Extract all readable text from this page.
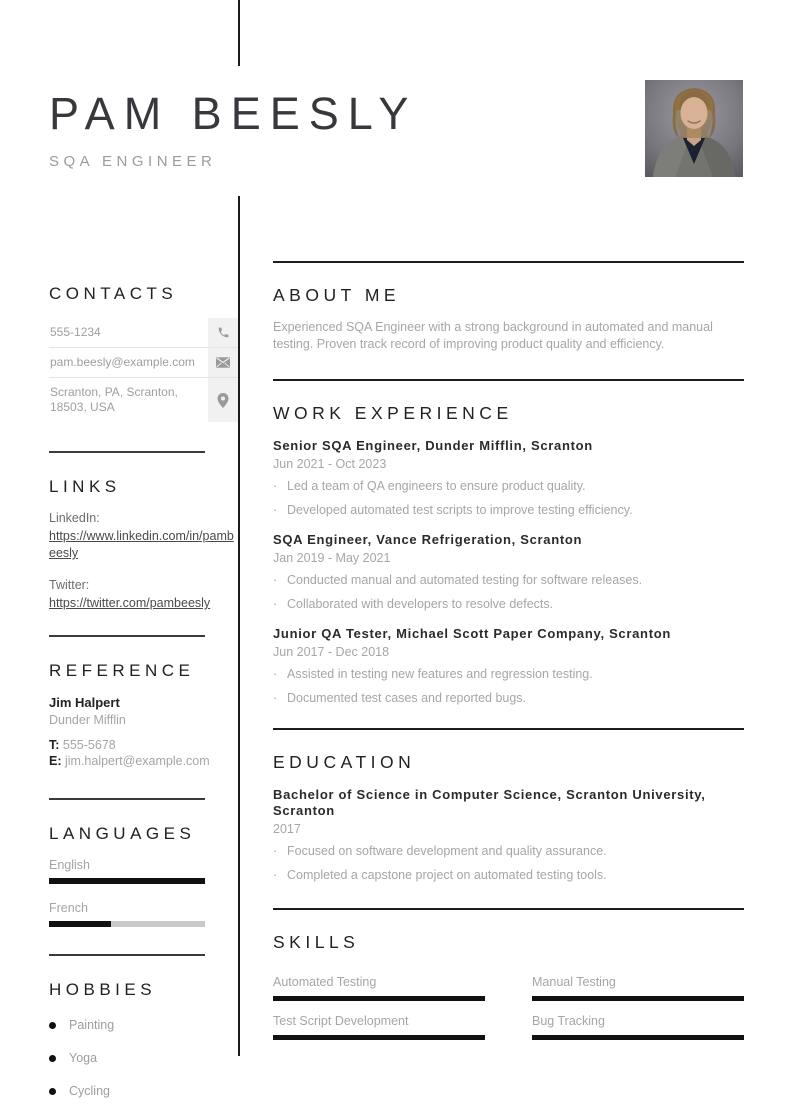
PAM BEESLY
SQA ENGINEER
CONTACTS
555-1234
pam.beesly@example.com
Scranton, PA, Scranton,
18503, USA
LINKS
LinkedIn:
https://www.linkedin.com/in/pambeesly
Twitter:
https://twitter.com/pambeesly
REFERENCE
Jim Halpert
Dunder Mifflin
T: 555-5678
E: jim.halpert@example.com
LANGUAGES
English
French
HOBBIES
Painting
Yoga
Cycling
ABOUT ME
Experienced SQA Engineer with a strong background in automated and manual testing. Proven track record of improving product quality and efficiency.
WORK EXPERIENCE
Senior SQA Engineer, Dunder Mifflin, Scranton
Jun 2021 - Oct 2023
· Led a team of QA engineers to ensure product quality.
· Developed automated test scripts to improve testing efficiency.
SQA Engineer, Vance Refrigeration, Scranton
Jan 2019 - May 2021
· Conducted manual and automated testing for software releases.
· Collaborated with developers to resolve defects.
Junior QA Tester, Michael Scott Paper Company, Scranton
Jun 2017 - Dec 2018
· Assisted in testing new features and regression testing.
· Documented test cases and reported bugs.
EDUCATION
Bachelor of Science in Computer Science, Scranton University, Scranton
2017
· Focused on software development and quality assurance.
· Completed a capstone project on automated testing tools.
SKILLS
Automated Testing	Manual Testing
Test Script Development	Bug Tracking
